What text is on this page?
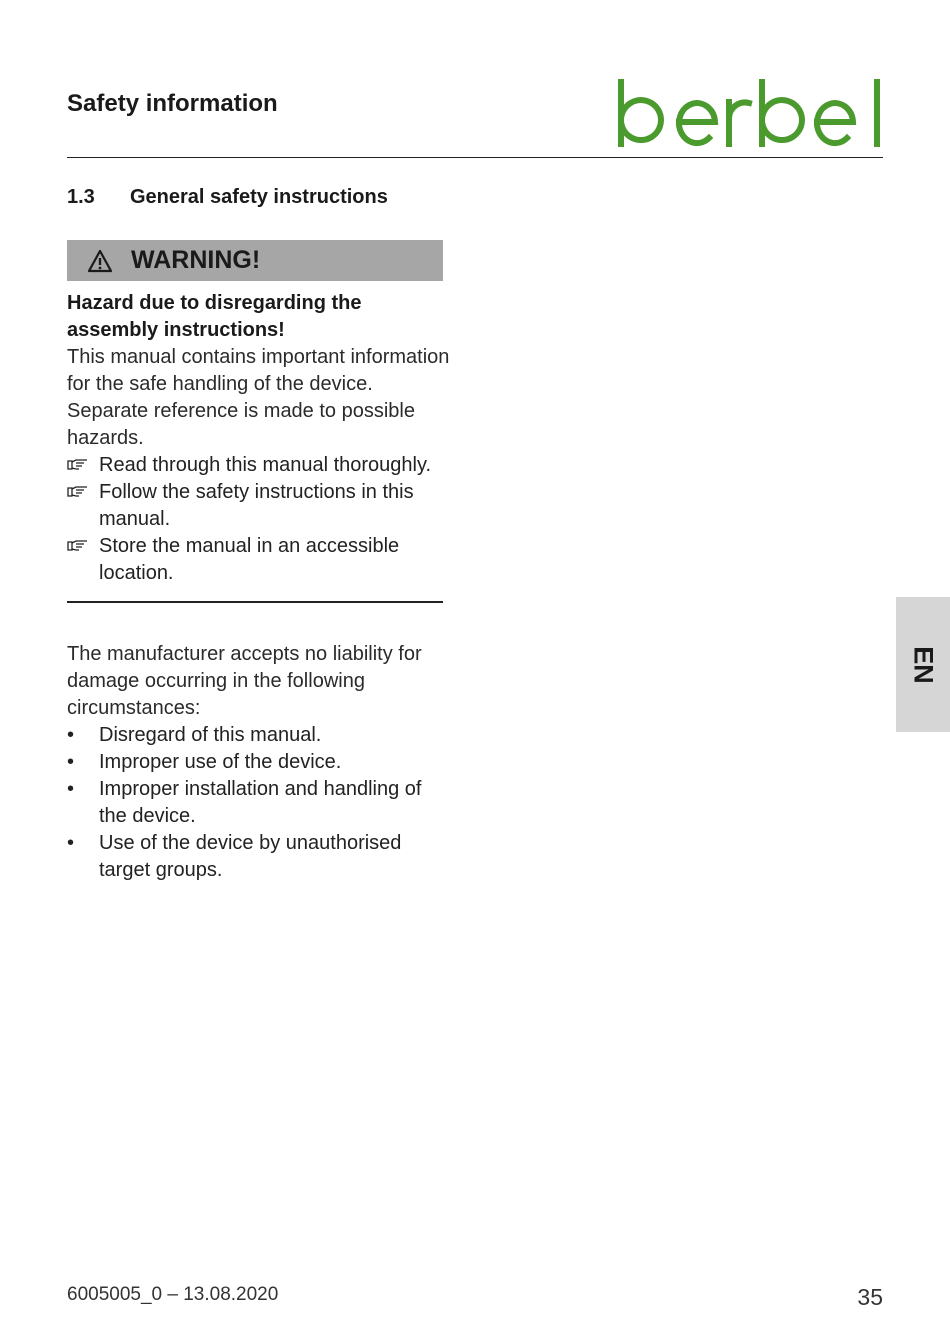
Safety information
1.3 General safety instructions
WARNING!
Hazard due to disregarding the assembly instructions!
This manual contains important information for the safe handling of the device. Separate reference is made to possible hazards.
Read through this manual thoroughly.
Follow the safety instructions in this manual.
Store the manual in an accessible location.
The manufacturer accepts no liability for damage occurring in the following circumstances:
•	Disregard of this manual.
•	Improper use of the device.
•	Improper installation and handling of the device.
•	Use of the device by unauthorised target groups.
EN
6005005_0 – 13.08.2020	35
